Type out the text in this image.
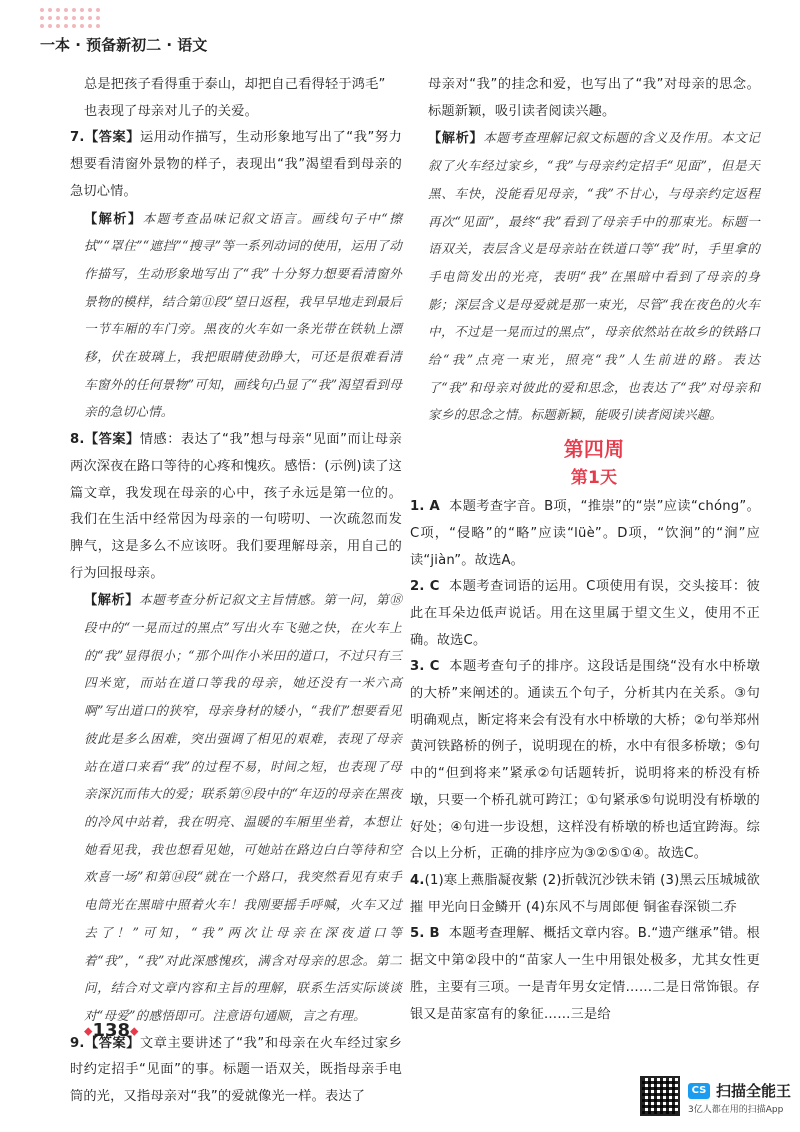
一本 · 预备新初二 · 语文

总是把孩子看得重于泰山，却把自己看得轻于鸿毛”
也表现了母亲对儿子的关爱。

7.【答案】运用动作描写，生动形象地写出了“我”努力想要看清窗外景物的样子，表现出“我”渴望看到母亲的急切心情。

【解析】本题考查品味记叙文语言。画线句子中“擦拭”“罩住”“遮挡”“搜寻”等一系列动词的使用，运用了动作描写，生动形象地写出了“我”十分努力想要看清窗外景物的模样，结合第⑪段“望日返程，我早早地走到最后一节车厢的车门旁。黑夜的火车如一条光带在铁轨上漂移，伏在玻璃上，我把眼睛使劲睁大，可还是很难看清车窗外的任何景物”可知，画线句凸显了“我”渴望看到母亲的急切心情。

8.【答案】情感：表达了“我”想与母亲“见面”而让母亲两次深夜在路口等待的心疼和愧疚。感悟：(示例)读了这篇文章，我发现在母亲的心中，孩子永远是第一位的。我们在生活中经常因为母亲的一句唠叨、一次疏忽而发脾气，这是多么不应该呀。我们要理解母亲，用自己的行为回报母亲。

【解析】本题考查分析记叙文主旨情感。第一问，第⑱段中的“一晃而过的黑点”写出火车飞驰之快，在火车上的“我”显得很小；“那个叫作小米田的道口，不过只有三四米宽，而站在道口等我的母亲，她还没有一米六高啊”写出道口的狭窄，母亲身材的矮小，“我们”想要看见彼此是多么困难，突出强调了相见的艰难，表现了母亲站在道口来看“我”的过程不易，时间之短，也表现了母亲深沉而伟大的爱；联系第⑨段中的“年迈的母亲在黑夜的冷风中站着，我在明亮、温暖的车厢里坐着，本想让她看见我，我也想看见她，可她站在路边白白等待和空欢喜一场”和第⑭段“就在一个路口，我突然看见有束手电筒光在黑暗中照着火车！我刚要摇手呼喊，火车又过去了！”可知，“我”两次让母亲在深夜道口等着“我”，“我”对此深感愧疚，满含对母亲的思念。第二问，结合对文章内容和主旨的理解，联系生活实际谈谈对“母爱”的感悟即可。注意语句通顺，言之有理。

9.【答案】文章主要讲述了“我”和母亲在火车经过家乡时约定招手“见面”的事。标题一语双关，既指母亲手电筒的光，又指母亲对“我”的爱就像光一样。表达了

母亲对“我”的挂念和爱，也写出了“我”对母亲的思念。标题新颖，吸引读者阅读兴趣。

【解析】本题考查理解记叙文标题的含义及作用。本文记叙了火车经过家乡，“我”与母亲约定招手“见面”，但是天黑、车快，没能看见母亲，“我”不甘心，与母亲约定返程再次“见面”，最终“我”看到了母亲手中的那束光。标题一语双关，表层含义是母亲站在铁道口等“我”时，手里拿的手电筒发出的光亮，表明“我”在黑暗中看到了母亲的身影；深层含义是母爱就是那一束光，尽管“我在夜色的火车中，不过是一晃而过的黑点”，母亲依然站在故乡的铁路口给“我”点亮一束光，照亮“我”人生前进的路。表达了“我”和母亲对彼此的爱和思念，也表达了“我”对母亲和家乡的思念之情。标题新颖，能吸引读者阅读兴趣。

第四周
第1天

1. A 本题考查字音。B项，“推崇”的“崇”应读“chóng”。C项，“侵略”的“略”应读“lüè”。D项，“饮涧”的“涧”应读“jiàn”。故选A。

2. C 本题考查词语的运用。C项使用有误，交头接耳：彼此在耳朵边低声说话。用在这里属于望文生义，使用不正确。故选C。

3. C 本题考查句子的排序。这段话是围绕“没有水中桥墩的大桥”来阐述的。通读五个句子，分析其内在关系。③句明确观点，断定将来会有没有水中桥墩的大桥；②句举郑州黄河铁路桥的例子，说明现在的桥，水中有很多桥墩；⑤句中的“但到将来”紧承②句话题转折，说明将来的桥没有桥墩，只要一个桥孔就可跨江；①句紧承⑤句说明没有桥墩的好处；④句进一步设想，这样没有桥墩的桥也适宜跨海。综合以上分析，正确的排序应为③②⑤①④。故选C。

4.(1)寒上燕脂凝夜紫 (2)折戟沉沙铁未销 (3)黑云压城城欲摧 甲光向日金鳞开 (4)东风不与周郎便 铜雀春深锁二乔

5. B 本题考查理解、概括文章内容。B.“遗产继承”错。根据文中第②段中的“苗家人一生中用银处极多，尤其女性更胜，主要有三项。一是青年男女定情……二是日常饰银。存银又是苗家富有的象征……三是给

◆138◆
CS 扫描全能王
3亿人都在用的扫描App
